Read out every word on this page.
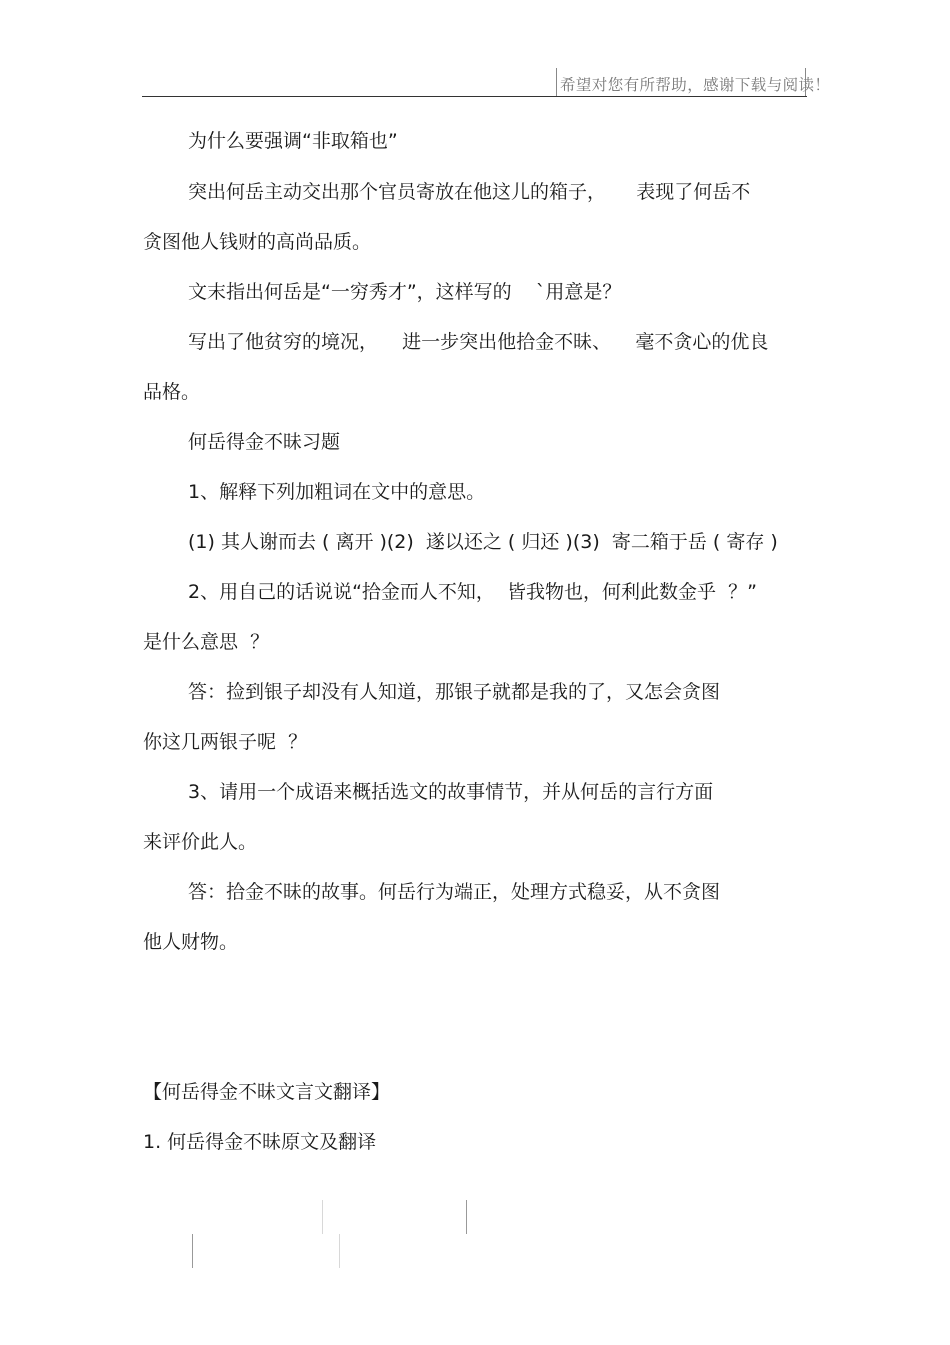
希望对您有所帮助，感谢下载与阅读！
为什么要强调“非取箱也”
突出何岳主动交出那个官员寄放在他这儿的箱子，     表现了何岳不
贪图他人钱财的高尚品质。
文末指出何岳是“一穷秀才”，这样写的    `用意是？
写出了他贫穷的境况，    进一步突出他拾金不昧、    毫不贪心的优良
品格。
何岳得金不昧习题
1、解释下列加粗词在文中的意思。
(1) 其人谢而去 ( 离开 )(2)  遂以还之 ( 归还 )(3)  寄二箱于岳 ( 寄存 )
2、用自己的话说说“拾金而人不知，  皆我物也，何利此数金乎  ？”
是什么意思  ？
答：捡到银子却没有人知道，那银子就都是我的了，又怎会贪图
你这几两银子呢  ？
3、请用一个成语来概括选文的故事情节，并从何岳的言行方面
来评价此人。
答：拾金不昧的故事。何岳行为端正，处理方式稳妥，从不贪图
他人财物。
【何岳得金不昧文言文翻译】
1. 何岳得金不昧原文及翻译
